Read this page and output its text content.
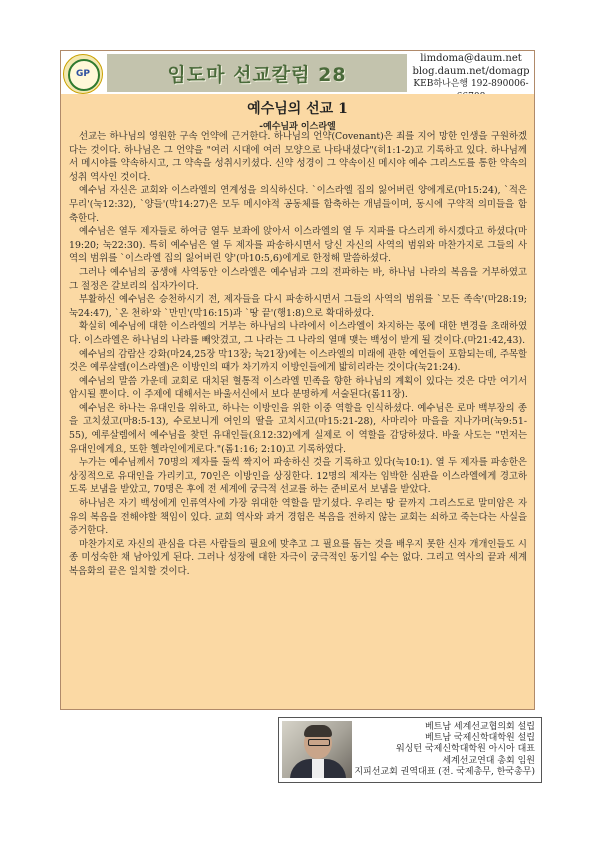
GP	임도마 선교칼럼 28
limdoma@daum.net
blog.daum.net/domagp
KEB하나은행 192-890006-
예수님의 선교 1
-예수님과 이스라엘

선교는 하나님의 영원한 구속 언약에 근거한다. 하나님의 언약(Covenant)은 죄를 지어 망한 인생을 구원하겠다는 것이다. 하나님은 그 언약을 "여러 시대에 여러 모양으로 나타내셨다"(히1:1-2)고 기록하고 있다. 하나님께서 메시야를 약속하시고, 그 약속을 성취시키셨다. 신약 성경이 그 약속이신 메시야 예수 그리스도를 통한 약속의 성취 역사인 것이다.

예수님 자신은 교회와 이스라엘의 연계성을 의식하신다. `이스라엘 집의 잃어버린 양에게로(마15:24), `적은 무리'(눅12:32), `양들'(막14:27)은 모두 메시야적 공동체를 함축하는 개념들이며, 동시에 구약적 의미들을 함축한다.

예수님은 열두 제자들로 하여금 열두 보좌에 앉아서 이스라엘의 열 두 지파를 다스리게 하시겠다고 하셨다(마19:20; 눅22:30). 특히 예수님은 열 두 제자를 파송하시면서 당신 자신의 사역의 범위와 마찬가지로 그들의 사역의 범위를 `이스라엘 집의 잃어버린 양'(마10:5,6)에게로 한정해 말씀하셨다.

그러나 예수님의 공생애 사역동안 이스라엘은 예수님과 그의 전파하는 바, 하나님 나라의 복음을 거부하였고 그 절정은 갈보리의 십자가이다.

부활하신 예수님은 승천하시기 전, 제자들을 다시 파송하시면서 그들의 사역의 범위를 `모든 족속'(마28:19; 눅24:47), `온 천하'와 `만민'(막16:15)과 `땅 끝'(행1:8)으로 확대하셨다.

확실히 예수님에 대한 이스라엘의 거부는 하나님의 나라에서 이스라엘이 차지하는 몫에 대한 변경을 초래하였다. 이스라엘은 하나님의 나라를 빼앗겼고, 그 나라는 그 나라의 열매 맺는 백성이 받게 될 것이다.(마21:42,43).

예수님의 감람산 강화(마24,25장 막13장; 눅21장)에는 이스라엘의 미래에 관한 예언들이 포함되는데, 주목할 것은 예루살렘(이스라엘)은 이방인의 때가 차기까지 이방인들에게 밟히리라는 것이다(눅21:24).

예수님의 말씀 가운데 교회로 대치된 혈통적 이스라엘 민족을 향한 하나님의 계획이 있다는 것은 다만 여기서 암시될 뿐이다. 이 주제에 대해서는 바울서신에서 보다 분명하게 서술된다(롬11장).

예수님은 하나는 유대인을 위하고, 하나는 이방인을 위한 이중 역할을 인식하셨다. 예수님은 로마 백부장의 종을 고치셨고(마8:5-13), 수로보니게 여인의 딸을 고치시고(마15:21-28), 사마리아 마을을 지나가며(눅9:51-55), 예루살렘에서 예수님을 찾던 유대인들(요12:32)에게 실제로 이 역할을 감당하셨다. 바울 사도는 "먼저는 유대인에게요, 또한 헬라인에게로다."(롬1:16; 2:10)고 기록하였다.

누가는 예수님께서 70명의 제자를 둘씩 짝지어 파송하신 것을 기록하고 있다(눅10:1). 열 두 제자를 파송한은 상징적으로 유대인을 가리키고, 70인은 이방인을 상징한다. 12명의 제자는 임박한 심판을 이스라엘에게 경고하도록 보냄을 받았고, 70명은 후에 전 세계에 궁극적 선교를 하는 준비로서 보냄을 받았다.

하나님은 자기 백성에게 인류역사에 가장 위대한 역할을 맡기셨다. 우리는 땅 끝까지 그리스도로 말미암은 자유의 복음을 전해야할 책임이 있다. 교회 역사와 과거 경험은 복음을 전하지 않는 교회는 쇠하고 죽는다는 사실을 증거한다.

마찬가지로 자신의 관심을 다른 사람들의 필요에 맞추고 그 필요를 돕는 것을 배우지 못한 신자 개개인들도 시종 미성숙한 채 남아있게 된다. 그러나 성장에 대한 자극이 궁극적인 동기일 수는 없다. 그리고 역사의 끝과 세계 복음화의 끝은 일치할 것이다.

베트남 세계선교협의회 설립
베트남 국제신학대학원 설립
워싱턴 국제신학대학원 아시아 대표
세계선교연대 총회 임원
지피선교회 권역대표 (전. 국제총무, 한국총무)
